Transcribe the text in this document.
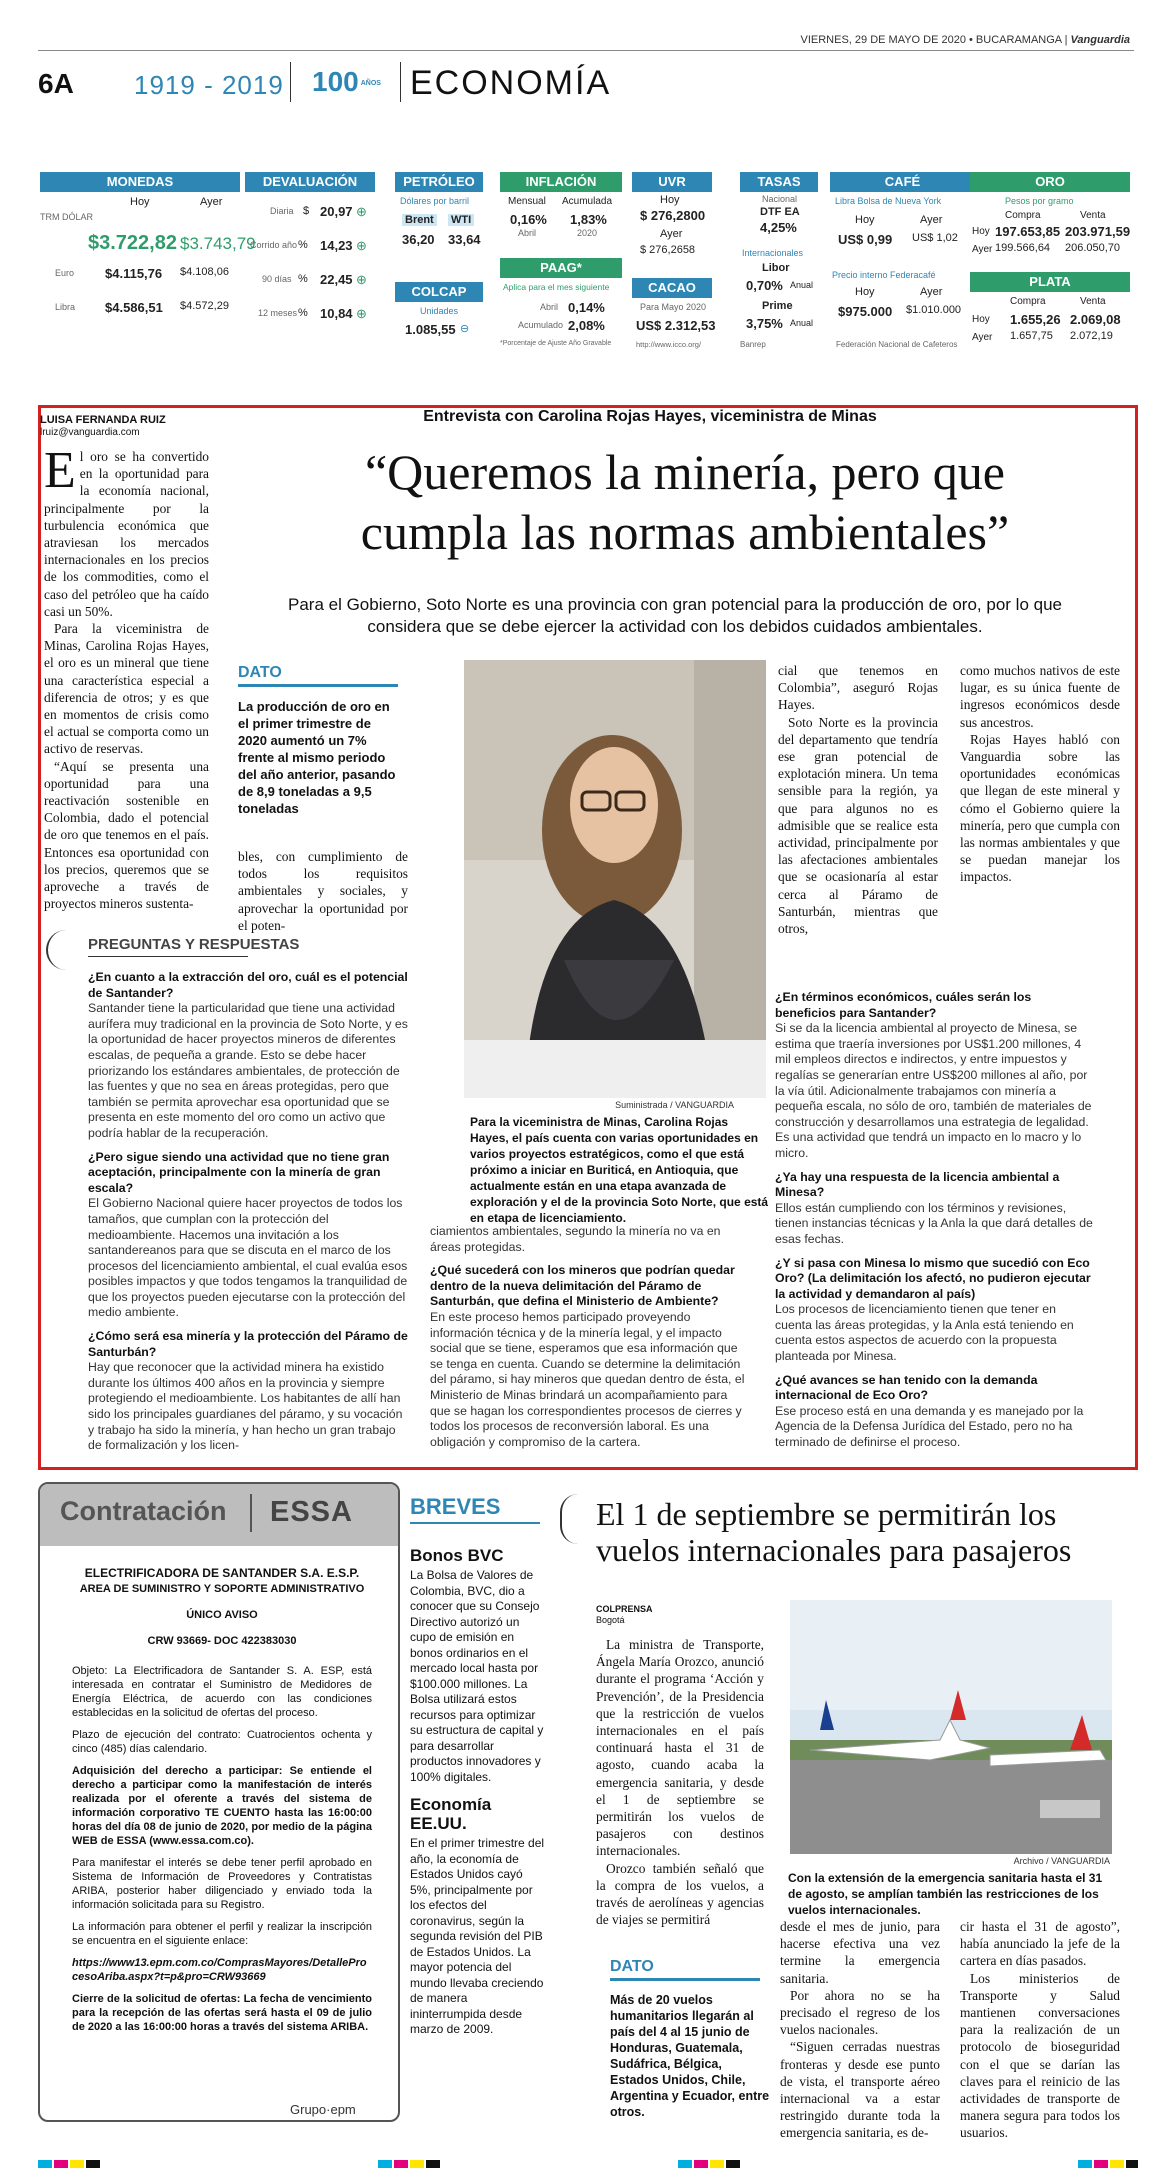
VIERNES, 29 DE MAYO DE 2020 • BUCARAMANGA | Vanguardia
6A 1919 - 2019 100 AÑOS ECONOMÍA
MONEDAS
Hoy	Ayer
TRM DÓLAR
$3.722,82 $3.743,79
Euro $4.115,76 $4.108,06
Libra $4.586,51 $4.572,29
DEVALUACIÓN
Diaria $ 20,97
Corrido año % 14,23
90 días % 22,45
12 meses % 10,84
⊕
⊕
⊕
⊕
PETRÓLEO
Dólares por barril
Brent WTI
36,20 33,64
COLCAP
Unidades
1.085,55 ⊖
INFLACIÓN
Mensual Acumulada
0,16% 1,83%
Abril	2020
PAAG*
Aplica para el mes siguiente
Abril 0,14%
Acumulado 2,08%
*Porcentaje de Ajuste Año Gravable
UVR
Hoy
$ 276,2800
Ayer
$ 276,2658
CACAO
Para Mayo 2020
US$ 2.312,53
http://www.icco.org/
TASAS
Nacional
DTF EA
4,25%
Internacionales
Libor
0,70% Anual
Prime
3,75% Anual
Banrep
CAFÉ
Libra Bolsa de Nueva York
Hoy	Ayer
US$ 0,99 US$ 1,02
Precio interno Federacafé
Hoy	Ayer
$975.000 $1.010.000
Federación Nacional de Cafeteros
ORO
Pesos por gramo
Compra	Venta
Hoy 197.653,85 203.971,59
Ayer 199.566,64 206.050,70
PLATA
Compra	Venta
Hoy 1.655,26 2.069,08
Ayer 1.657,75 2.072,19
LUISA FERNANDA RUIZ
lruiz@vanguardia.com
Entrevista con Carolina Rojas Hayes, viceministra de Minas
“Queremos la minería, pero que cumpla las normas ambientales”
Para el Gobierno, Soto Norte es una provincia con gran potencial para la producción de oro, por lo que considera que se debe ejercer la actividad con los debidos cuidados ambientales.
El oro se ha convertido en la oportunidad para la economía nacional, principalmente por la turbulencia económica que atraviesan los mercados internacionales en los precios de los commodities, como el caso del petróleo que ha caído casi un 50%.

Para la viceministra de Minas, Carolina Rojas Hayes, el oro es un mineral que tiene una característica especial a diferencia de otros; y es que en momentos de crisis como el actual se comporta como un activo de reservas.

“Aquí se presenta una oportunidad para una reactivación sostenible en Colombia, dado el potencial de oro que tenemos en el país. Entonces esa oportunidad con los precios, queremos que se aproveche a través de proyectos mineros sustenta-

DATO
La producción de oro en el primer trimestre de 2020 aumentó un 7% frente al mismo periodo del año anterior, pasando de 8,9 toneladas a 9,5 toneladas
bles, con cumplimiento de todos los requisitos ambientales y sociales, y aprovechar la oportunidad por el poten-
Suministrada / VANGUARDIA
Para la viceministra de Minas, Carolina Rojas Hayes, el país cuenta con varias oportunidades en varios proyectos estratégicos, como el que está próximo a iniciar en Buriticá, en Antioquia, que actualmente están en una etapa avanzada de exploración y el de la provincia Soto Norte, que está en etapa de licenciamiento.

cial que tenemos en Colombia”, aseguró Rojas Hayes.

Soto Norte es la provincia del departamento que tendría ese gran potencial de explotación minera. Un tema sensible para la región, ya que para algunos no es admisible que se realice esta actividad, principalmente por las afectaciones ambientales que se ocasionaría al estar cerca al Páramo de Santurbán, mientras que otros,

como muchos nativos de este lugar, es su única fuente de ingresos económicos desde sus ancestros.

Rojas Hayes habló con Vanguardia sobre las oportunidades económicas que llegan de este mineral y cómo el Gobierno quiere la minería, pero que cumpla con las normas ambientales y que se puedan manejar los impactos.

PREGUNTAS Y RESPUESTAS

¿En cuanto a la extracción del oro, cuál es el potencial de Santander?
Santander tiene la particularidad que tiene una actividad aurífera muy tradicional en la provincia de Soto Norte, y es la oportunidad de hacer proyectos mineros de diferentes escalas, de pequeña a grande. Esto se debe hacer priorizando los estándares ambientales, de protección de las fuentes y que no sea en áreas protegidas, pero que también se permita aprovechar esa oportunidad que se presenta en este momento del oro como un activo que podría hablar de la recuperación.

¿Pero sigue siendo una actividad que no tiene gran aceptación, principalmente con la minería de gran escala?
El Gobierno Nacional quiere hacer proyectos de todos los tamaños, que cumplan con la protección del medioambiente. Hacemos una invitación a los santandereanos para que se discuta en el marco de los procesos del licenciamiento ambiental, el cual evalúa esos posibles impactos y que todos tengamos la tranquilidad de que los proyectos pueden ejecutarse con la protección del medio ambiente.

¿Cómo será esa minería y la protección del Páramo de Santurbán?
Hay que reconocer que la actividad minera ha existido durante los últimos 400 años en la provincia y siempre protegiendo el medioambiente. Los habitantes de allí han sido los principales guardianes del páramo, y su vocación y trabajo ha sido la minería, y han hecho un gran trabajo de formalización y los licen-

ciamientos ambientales, segundo la minería no va en áreas protegidas.

¿Qué sucederá con los mineros que podrían quedar dentro de la nueva delimitación del Páramo de Santurbán, que defina el Ministerio de Ambiente?
En este proceso hemos participado proveyendo información técnica y de la minería legal, y el impacto social que se tiene, esperamos que esa información que se tenga en cuenta. Cuando se determine la delimitación del páramo, si hay mineros que quedan dentro de ésta, el Ministerio de Minas brindará un acompañamiento para que se hagan los correspondientes procesos de cierres y todos los procesos de reconversión laboral. Es una obligación y compromiso de la cartera.

¿En términos económicos, cuáles serán los beneficios para Santander?
Si se da la licencia ambiental al proyecto de Minesa, se estima que traería inversiones por US$1.200 millones, 4 mil empleos directos e indirectos, y entre impuestos y regalías se generarían entre US$200 millones al año, por la vía útil. Adicionalmente trabajamos con minería a pequeña escala, no sólo de oro, también de materiales de construcción y desarrollamos una estrategia de legalidad. Es una actividad que tendrá un impacto en lo macro y lo micro.

¿Ya hay una respuesta de la licencia ambiental a Minesa?
Ellos están cumpliendo con los términos y revisiones, tienen instancias técnicas y la Anla la que dará detalles de esas fechas.

¿Y si pasa con Minesa lo mismo que sucedió con Eco Oro? (La delimitación los afectó, no pudieron ejecutar la actividad y demandaron al país)
Los procesos de licenciamiento tienen que tener en cuenta las áreas protegidas, y la Anla está teniendo en cuenta estos aspectos de acuerdo con la propuesta planteada por Minesa.

¿Qué avances se han tenido con la demanda internacional de Eco Oro?
Ese proceso está en una demanda y es manejado por la Agencia de la Defensa Jurídica del Estado, pero no ha terminado de definirse el proceso.

Contratación ESSA

ELECTRIFICADORA DE SANTANDER S.A. E.S.P.

AREA DE SUMINISTRO Y SOPORTE ADMINISTRATIVO

ÚNICO AVISO

CRW 93669- DOC 422383030

Objeto: La Electrificadora de Santander S. A. ESP, está interesada en contratar el Suministro de Medidores de Energía Eléctrica, de acuerdo con las condiciones establecidas en la solicitud de ofertas del proceso.

Plazo de ejecución del contrato: Cuatrocientos ochenta y cinco (485) días calendario.

Adquisición del derecho a participar: Se entiende el derecho a participar como la manifestación de interés realizada por el oferente a través del sistema de información corporativo TE CUENTO hasta las 16:00:00 horas del día 08 de junio de 2020, por medio de la página WEB de ESSA (www.essa.com.co).

Para manifestar el interés se debe tener perfil aprobado en Sistema de Información de Proveedores y Contratistas ARIBA, posterior haber diligenciado y enviado toda la información solicitada para su Registro.

La información para obtener el perfil y realizar la inscripción se encuentra en el siguiente enlace:

https://www13.epm.com.co/ComprasMayores/DetalleProcesoAriba.aspx?t=p&pro=CRW93669

Cierre de la solicitud de ofertas: La fecha de vencimiento para la recepción de las ofertas será hasta el 09 de julio de 2020 a las 16:00:00 horas a través del sistema ARIBA.

Grupo·epm
BREVES
Bonos BVC

La Bolsa de Valores de Colombia, BVC, dio a conocer que su Consejo Directivo autorizó un cupo de emisión en bonos ordinarios en el mercado local hasta por $100.000 millones. La Bolsa utilizará estos recursos para optimizar su estructura de capital y para desarrollar productos innovadores y 100% digitales.

Economía EE.UU.

En el primer trimestre del año, la economía de Estados Unidos cayó 5%, principalmente por los efectos del coronavirus, según la segunda revisión del PIB de Estados Unidos. La mayor potencia del mundo llevaba creciendo de manera ininterrumpida desde marzo de 2009.

El 1 de septiembre se permitirán los vuelos internacionales para pasajeros
COLPRENSA
Bogotá

La ministra de Transporte, Ángela María Orozco, anunció durante el programa ‘Acción y Prevención’, de la Presidencia que la restricción de vuelos internacionales en el país continuará hasta el 31 de agosto, cuando acaba la emergencia sanitaria, y desde el 1 de septiembre se permitirán los vuelos de pasajeros con destinos internacionales.

Orozco también señaló que la compra de los vuelos, a través de aerolíneas y agencias de viajes se permitirá

DATO
Más de 20 vuelos humanitarios llegarán al país del 4 al 15 junio de Honduras, Guatemala, Sudáfrica, Bélgica, Estados Unidos, Chile, Argentina y Ecuador, entre otros.
Archivo / VANGUARDIA
Con la extensión de la emergencia sanitaria hasta el 31 de agosto, se amplían también las restricciones de los vuelos internacionales.

desde el mes de junio, para hacerse efectiva una vez termine la emergencia sanitaria.

Por ahora no se ha precisado el regreso de los vuelos nacionales.

“Siguen cerradas nuestras fronteras y desde ese punto de vista, el transporte aéreo internacional va a estar restringido durante toda la emergencia sanitaria, es de-

cir hasta el 31 de agosto”, había anunciado la jefe de la cartera en días pasados.

Los ministerios de Transporte y Salud mantienen conversaciones para la realización de un protocolo de bioseguridad con el que se darían las claves para el reinicio de las actividades de transporte de manera segura para todos los usuarios.
